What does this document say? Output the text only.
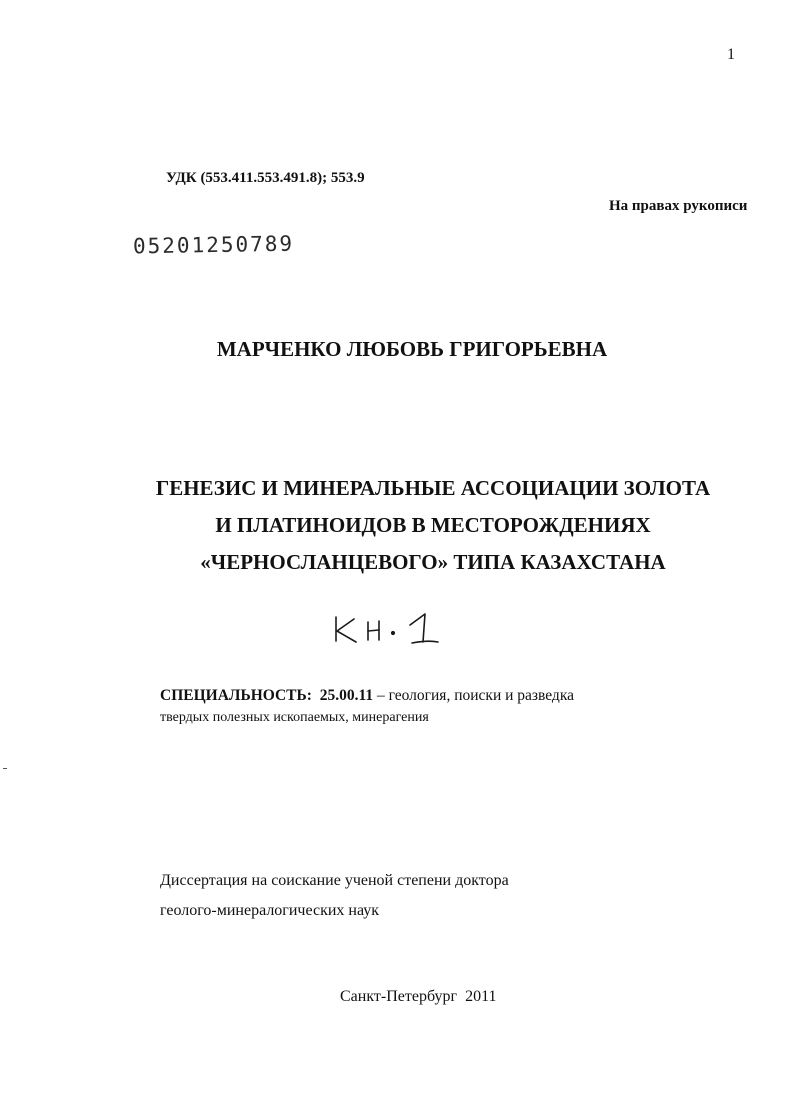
1
УДК (553.411.553.491.8); 553.9
На правах рукописи
05201250789
МАРЧЕНКО ЛЮБОВЬ ГРИГОРЬЕВНА
ГЕНЕЗИС И МИНЕРАЛЬНЫЕ АССОЦИАЦИИ ЗОЛОТА
И ПЛАТИНОИДОВ В МЕСТОРОЖДЕНИЯХ
«ЧЕРНОСЛАНЦЕВОГО» ТИПА КАЗАХСТАНА
СПЕЦИАЛЬНОСТЬ: 25.00.11 – геология, поиски и разведка
твердых полезных ископаемых, минерагения
Диссертация на соискание ученой степени доктора
геолого-минералогических наук
Санкт-Петербург  2011
